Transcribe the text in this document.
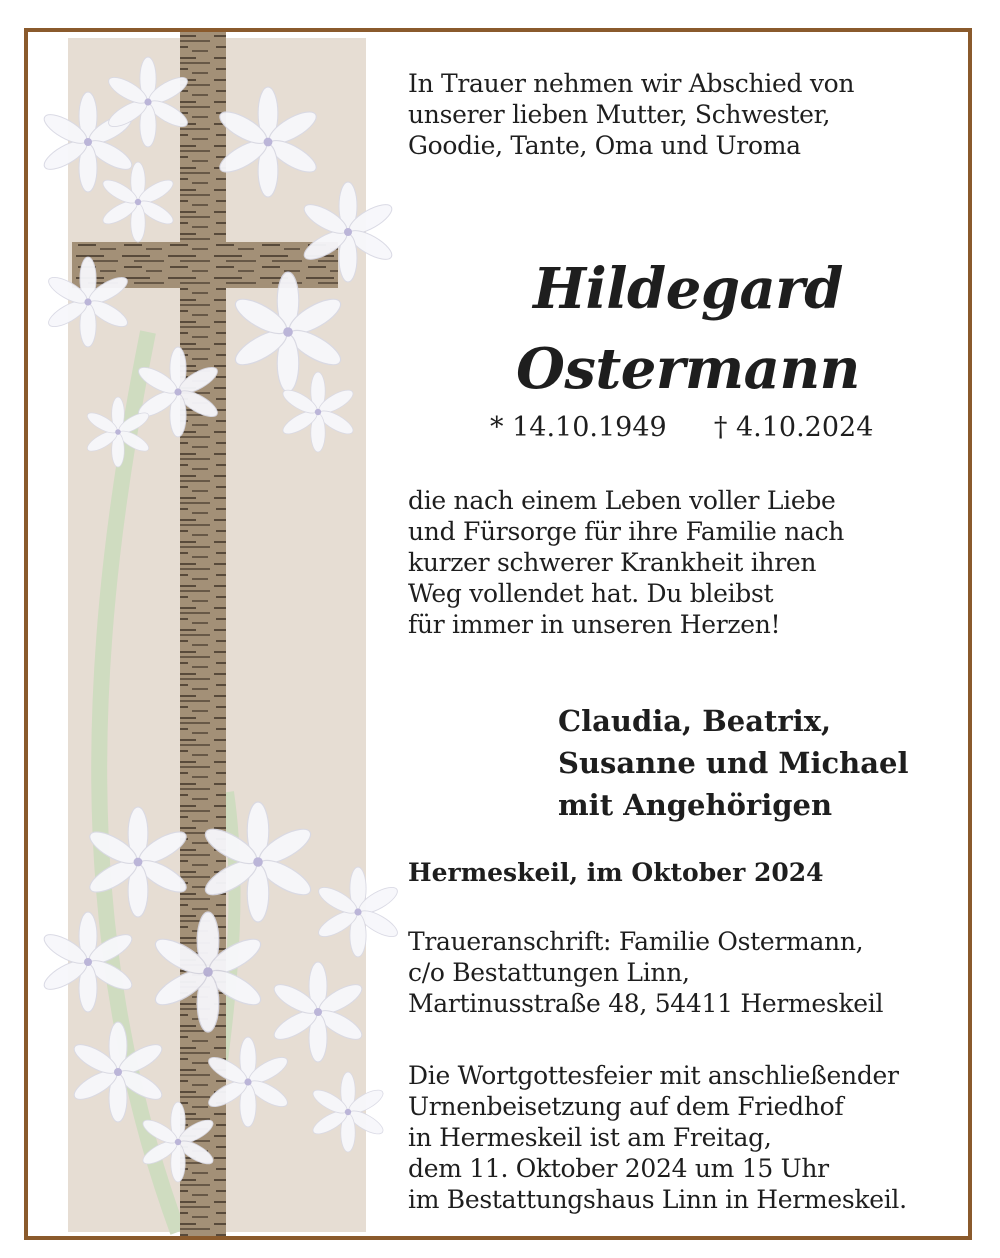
In Trauer nehmen wir Abschied von

unserer lieben Mutter, Schwester,

Goodie, Tante, Oma und Uroma

Hildegard
Ostermann
* 14.10.1949 † 4.10.2024

die nach einem Leben voller Liebe

und Fürsorge für ihre Familie nach

kurzer schwerer Krankheit ihren

Weg vollendet hat. Du bleibst

für immer in unseren Herzen!

Claudia, Beatrix,
Susanne und Michael
mit Angehörigen
Hermeskeil, im Oktober 2024

Traueranschrift: Familie Ostermann,

c/o Bestattungen Linn,

Martinusstraße 48, 54411 Hermeskeil

Die Wortgottesfeier mit anschließender

Urnenbeisetzung auf dem Friedhof

in Hermeskeil ist am Freitag,

dem 11. Oktober 2024 um 15 Uhr

im Bestattungshaus Linn in Hermeskeil.
